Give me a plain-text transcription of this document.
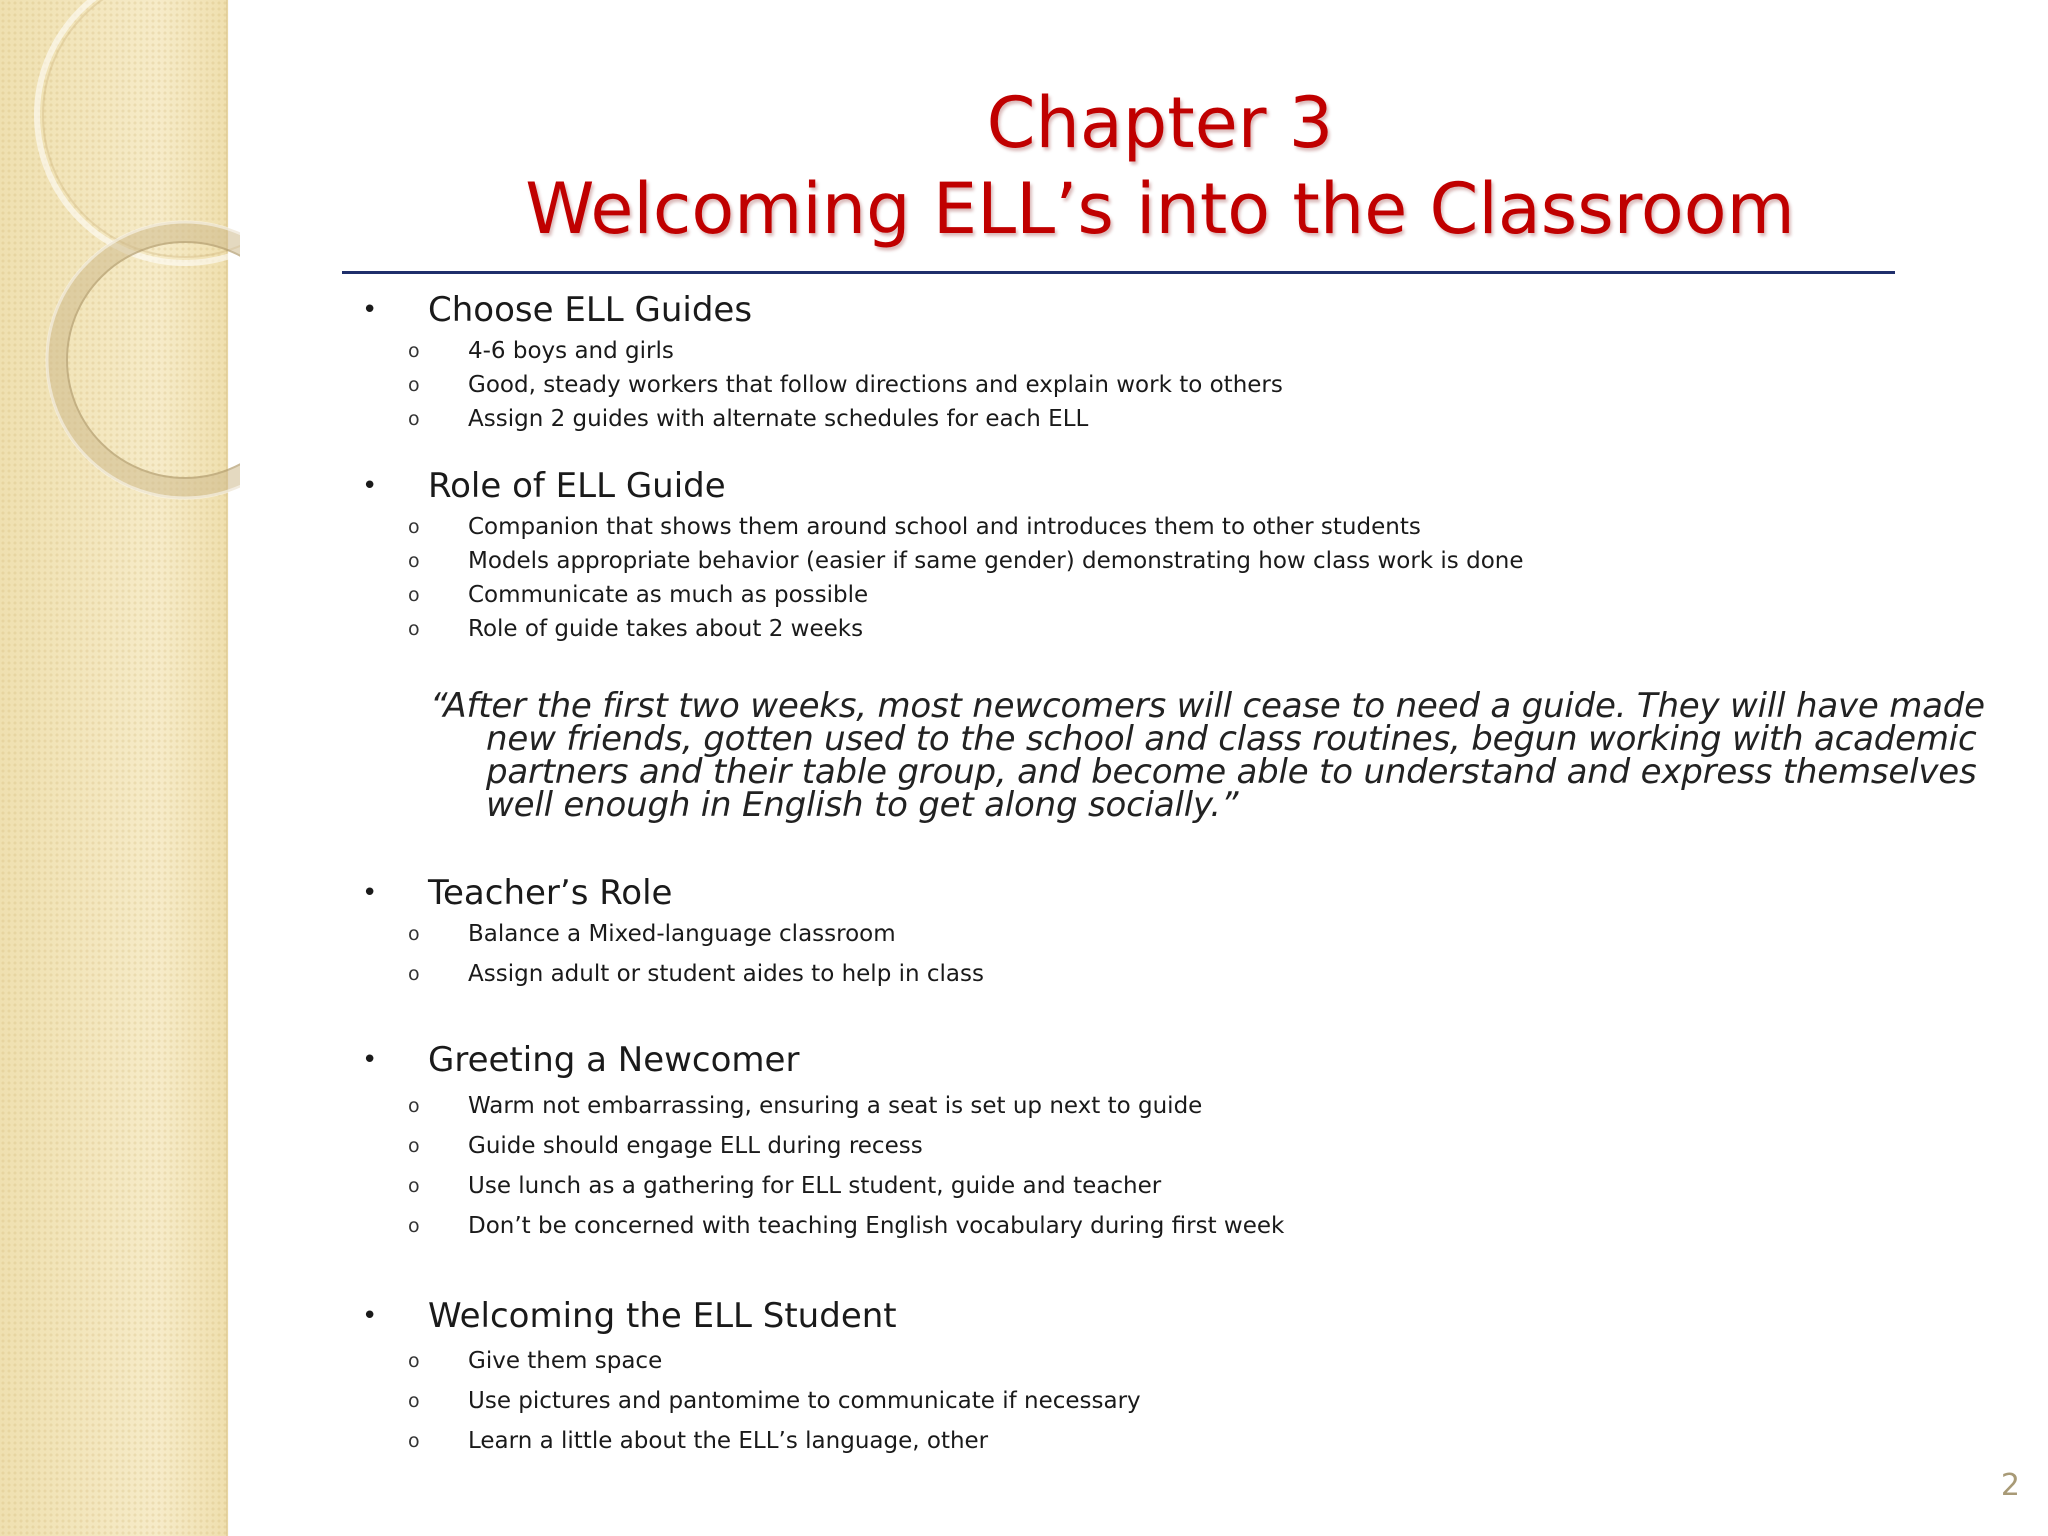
Chapter 3
Welcoming ELL’s into the Classroom
• Choose ELL Guides
o 4-6 boys and girls
o Good, steady workers that follow directions and explain work to others
o Assign 2 guides with alternate schedules for each ELL
• Role of ELL Guide
o Companion that shows them around school and introduces them to other students
o Models appropriate behavior (easier if same gender) demonstrating how class work is done
o Communicate as much as possible
o Role of guide takes about 2 weeks
• Teacher’s Role
o Balance a Mixed-language classroom
o Assign adult or student aides to help in class
• Greeting a Newcomer
o Warm not embarrassing, ensuring a seat is set up next to guide
o Guide should engage ELL during recess
o Use lunch as a gathering for ELL student, guide and teacher
o Don’t be concerned with teaching English vocabulary during first week
• Welcoming the ELL Student
o Give them space
o Use pictures and pantomime to communicate if necessary
o Learn a little about the ELL’s language, other

“After the first two weeks, most newcomers will cease to need a guide. They will have made new friends, gotten used to the school and class routines, begun working with academic partners and their table group, and become able to understand and express themselves well enough in English to get along socially.”

2
